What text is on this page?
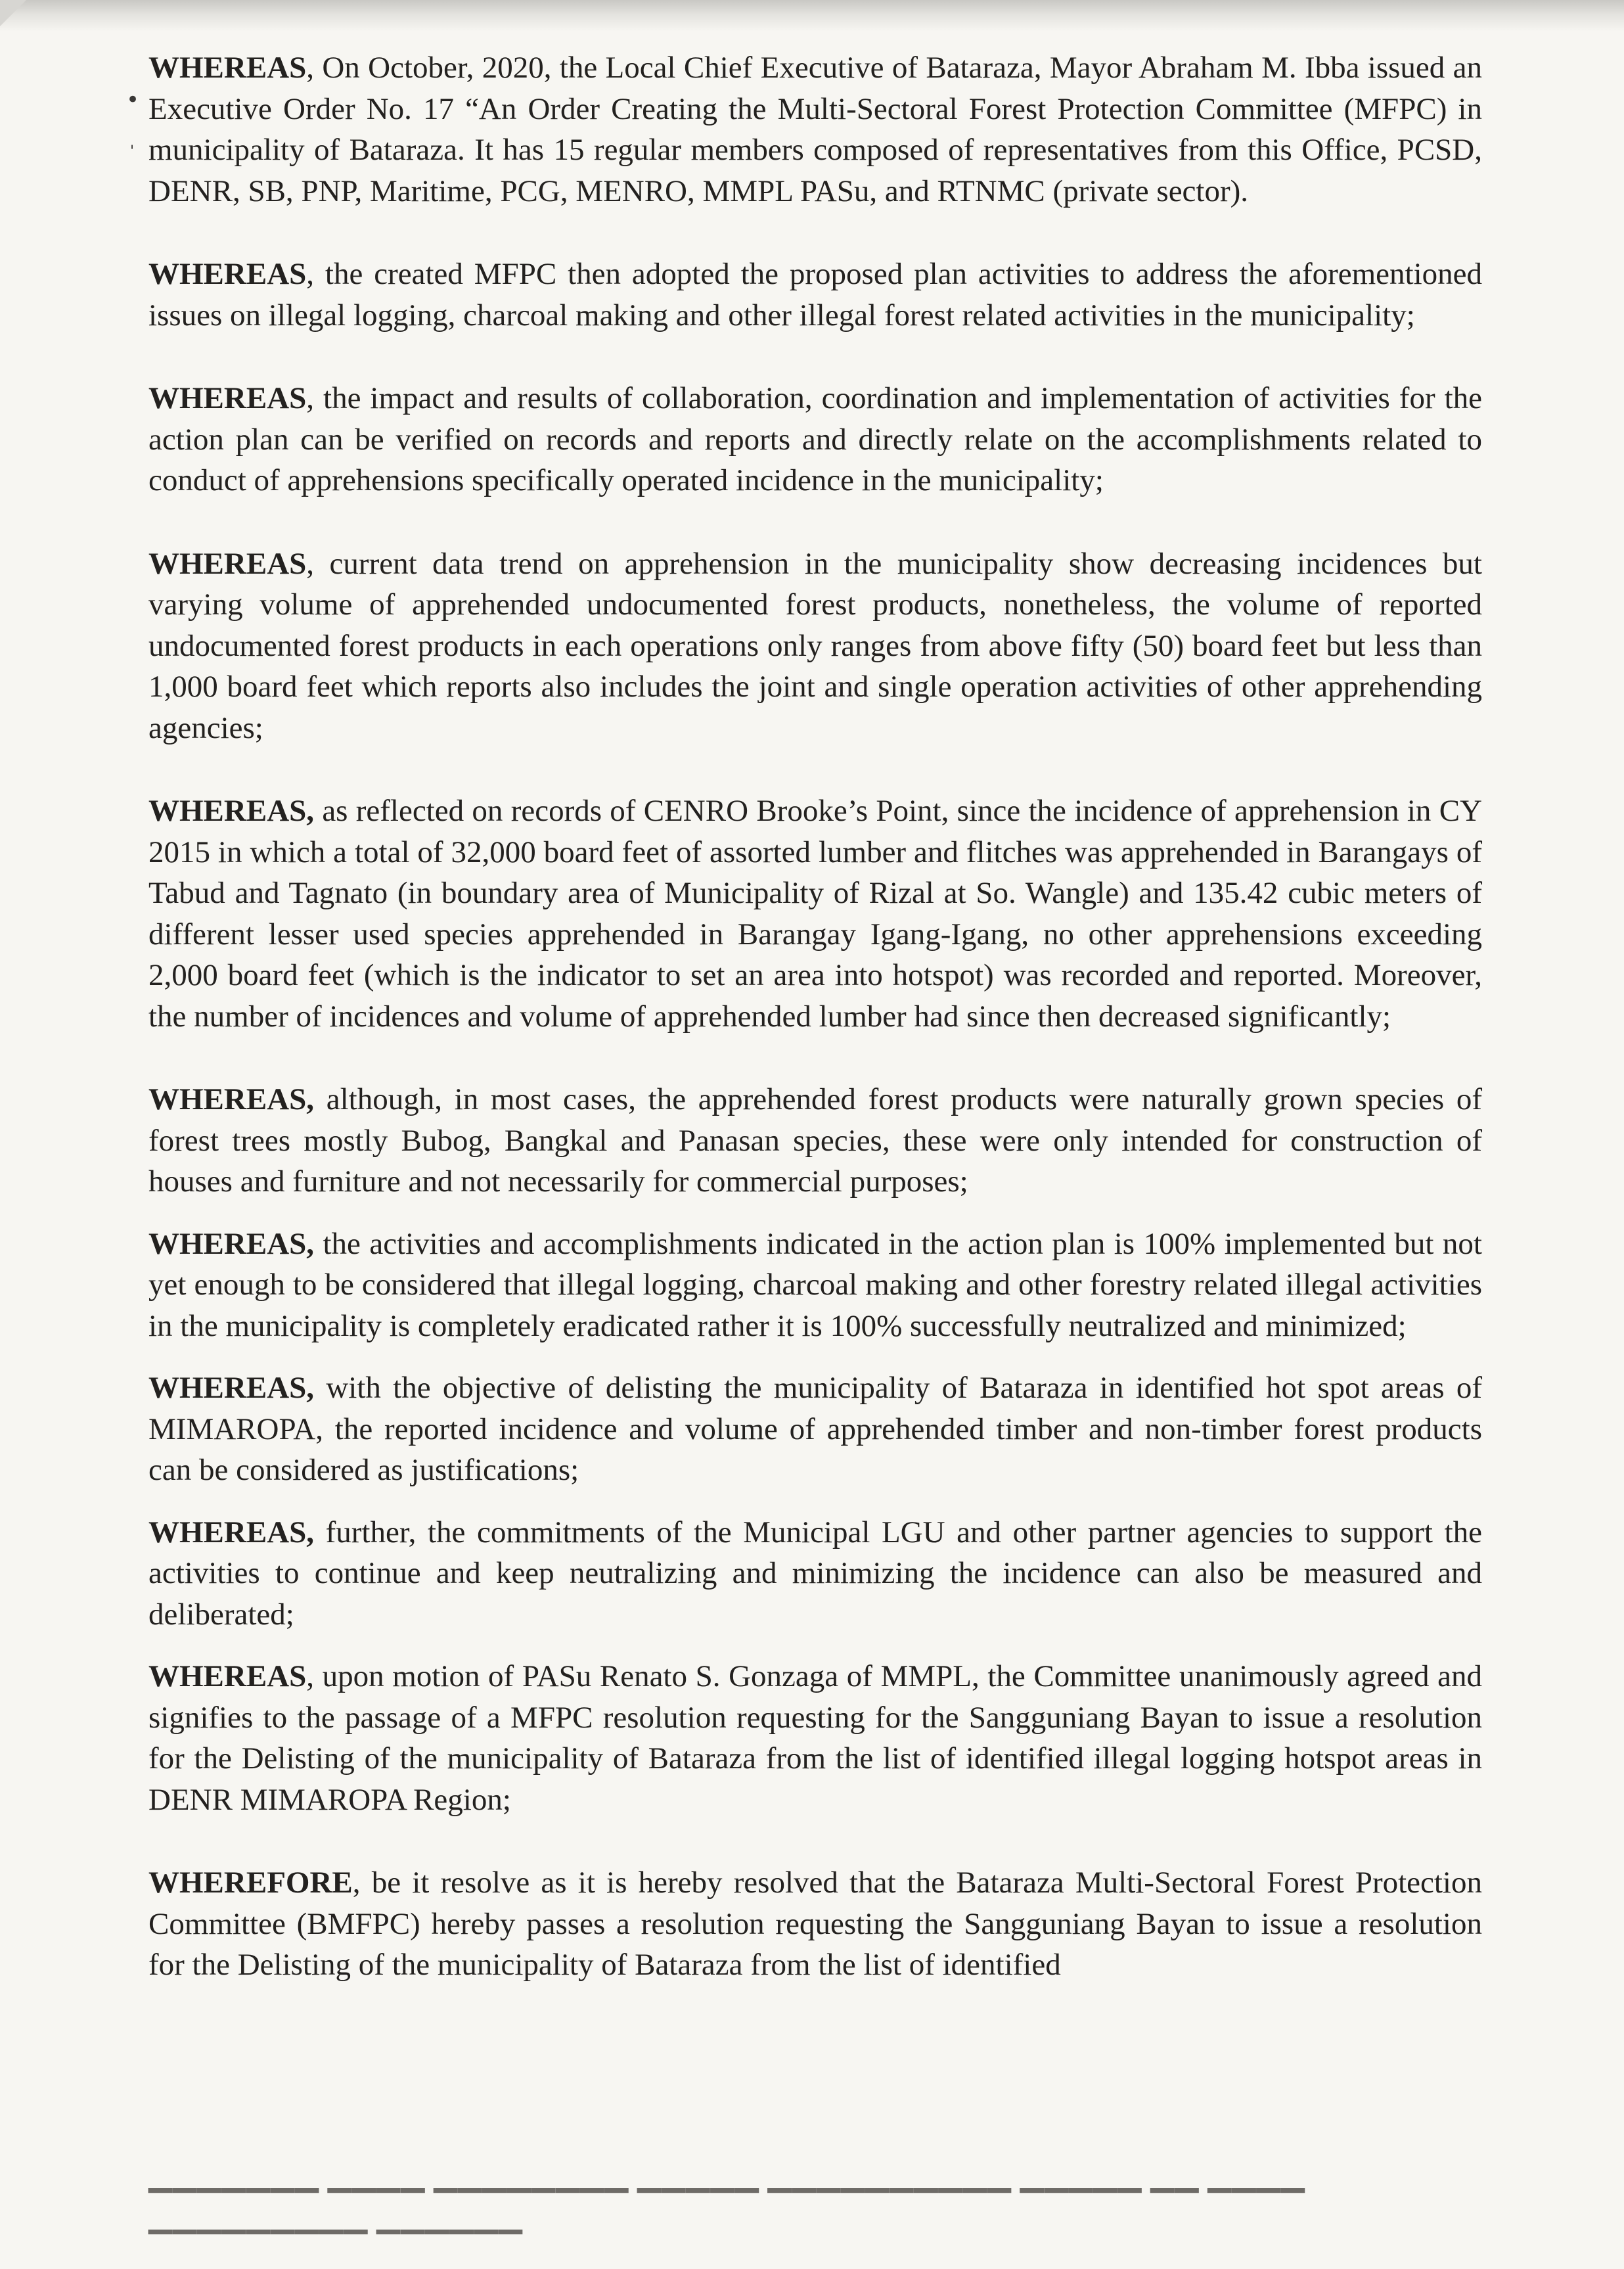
•
'

WHEREAS, On October, 2020, the Local Chief Executive of Bataraza, Mayor Abraham M. Ibba issued an Executive Order No. 17 “An Order Creating the Multi-Sectoral Forest Protection Committee (MFPC) in municipality of Bataraza. It has 15 regular members composed of representatives from this Office, PCSD, DENR, SB, PNP, Maritime, PCG, MENRO, MMPL PASu, and RTNMC (private sector).

WHEREAS, the created MFPC then adopted the proposed plan activities to address the aforementioned issues on illegal logging, charcoal making and other illegal forest related activities in the municipality;

WHEREAS, the impact and results of collaboration, coordination and implementation of activities for the action plan can be verified on records and reports and directly relate on the accomplishments related to conduct of apprehensions specifically operated incidence in the municipality;

WHEREAS, current data trend on apprehension in the municipality show decreasing incidences but varying volume of apprehended undocumented forest products, nonetheless, the volume of reported undocumented forest products in each operations only ranges from above fifty (50) board feet but less than 1,000 board feet which reports also includes the joint and single operation activities of other apprehending agencies;

WHEREAS, as reflected on records of CENRO Brooke’s Point, since the incidence of apprehension in CY 2015 in which a total of 32,000 board feet of assorted lumber and flitches was apprehended in Barangays of Tabud and Tagnato (in boundary area of Municipality of Rizal at So. Wangle) and 135.42 cubic meters of different lesser used species apprehended in Barangay Igang-Igang, no other apprehensions exceeding 2,000 board feet (which is the indicator to set an area into hotspot) was recorded and reported. Moreover, the number of incidences and volume of apprehended lumber had since then decreased significantly;

WHEREAS, although, in most cases, the apprehended forest products were naturally grown species of forest trees mostly Bubog, Bangkal and Panasan species, these were only intended for construction of houses and furniture and not necessarily for commercial purposes;

WHEREAS, the activities and accomplishments indicated in the action plan is 100% implemented but not yet enough to be considered that illegal logging, charcoal making and other forestry related illegal activities in the municipality is completely eradicated rather it is 100% successfully neutralized and minimized;

WHEREAS, with the objective of delisting the municipality of Bataraza in identified hot spot areas of MIMAROPA, the reported incidence and volume of apprehended timber and non-timber forest products can be considered as justifications;

WHEREAS, further, the commitments of the Municipal LGU and other partner agencies to support the activities to continue and keep neutralizing and minimizing the incidence can also be measured and deliberated;

WHEREAS, upon motion of PASu Renato S. Gonzaga of MMPL, the Committee unanimously agreed and signifies to the passage of a MFPC resolution requesting for the Sangguniang Bayan to issue a resolution for the Delisting of the municipality of Bataraza from the list of identified illegal logging hotspot areas in DENR MIMAROPA Region;

WHEREFORE, be it resolve as it is hereby resolved that the Bataraza Multi-Sectoral Forest Protection Committee (BMFPC) hereby passes a resolution requesting the Sangguniang Bayan to issue a resolution for the Delisting of the municipality of Bataraza from the list of identified

▔▔▔▔▔▔▔ ▔▔▔▔ ▔▔▔▔▔▔▔▔ ▔▔▔▔▔ ▔▔▔▔▔▔▔▔▔▔ ▔▔▔▔▔ ▔▔ ▔▔▔▔ ▔▔▔▔▔▔▔▔▔ ▔▔▔▔▔▔
